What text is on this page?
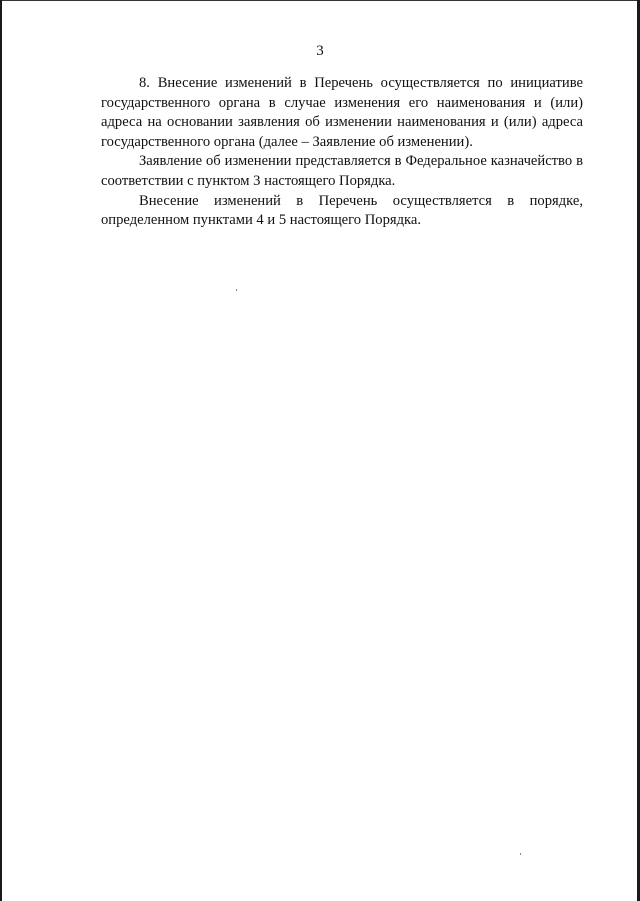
3

8. Внесение изменений в Перечень осуществляется по инициативе государственного органа в случае изменения его наименования и (или) адреса на основании заявления об изменении наименования и (или) адреса государственного органа (далее – Заявление об изменении).

Заявление об изменении представляется в Федеральное казначейство в соответствии с пунктом 3 настоящего Порядка.

Внесение изменений в Перечень осуществляется в порядке, определенном пунктами 4 и 5 настоящего Порядка.
